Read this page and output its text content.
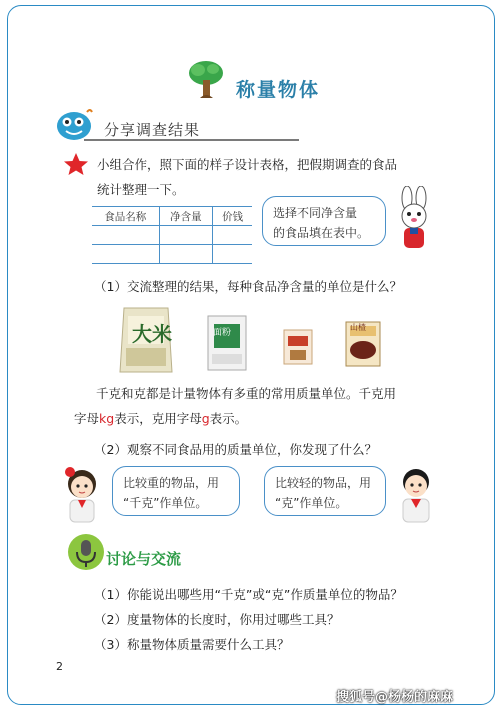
称量物体
分享调查结果
小组合作，照下面的样子设计表格，把假期调查的食品
统计整理一下。
食品名称	净含量	价钱

		选择不同净含量
的食品填在表中。
（1）交流整理的结果，每种食品净含量的单位是什么？
大米	面粉
山楂
千克和克都是计量物体有多重的常用质量单位。千克用
字母kg表示，克用字母g表示。
（2）观察不同食品用的质量单位，你发现了什么？
比较重的物品，用
“千克”作单位。
比较轻的物品，用
“克”作单位。
讨论与交流
（1）你能说出哪些用“千克”或“克”作质量单位的物品？
（2）度量物体的长度时，你用过哪些工具？
（3）称量物体质量需要什么工具？
2
搜狐号@杨杨的麻麻
